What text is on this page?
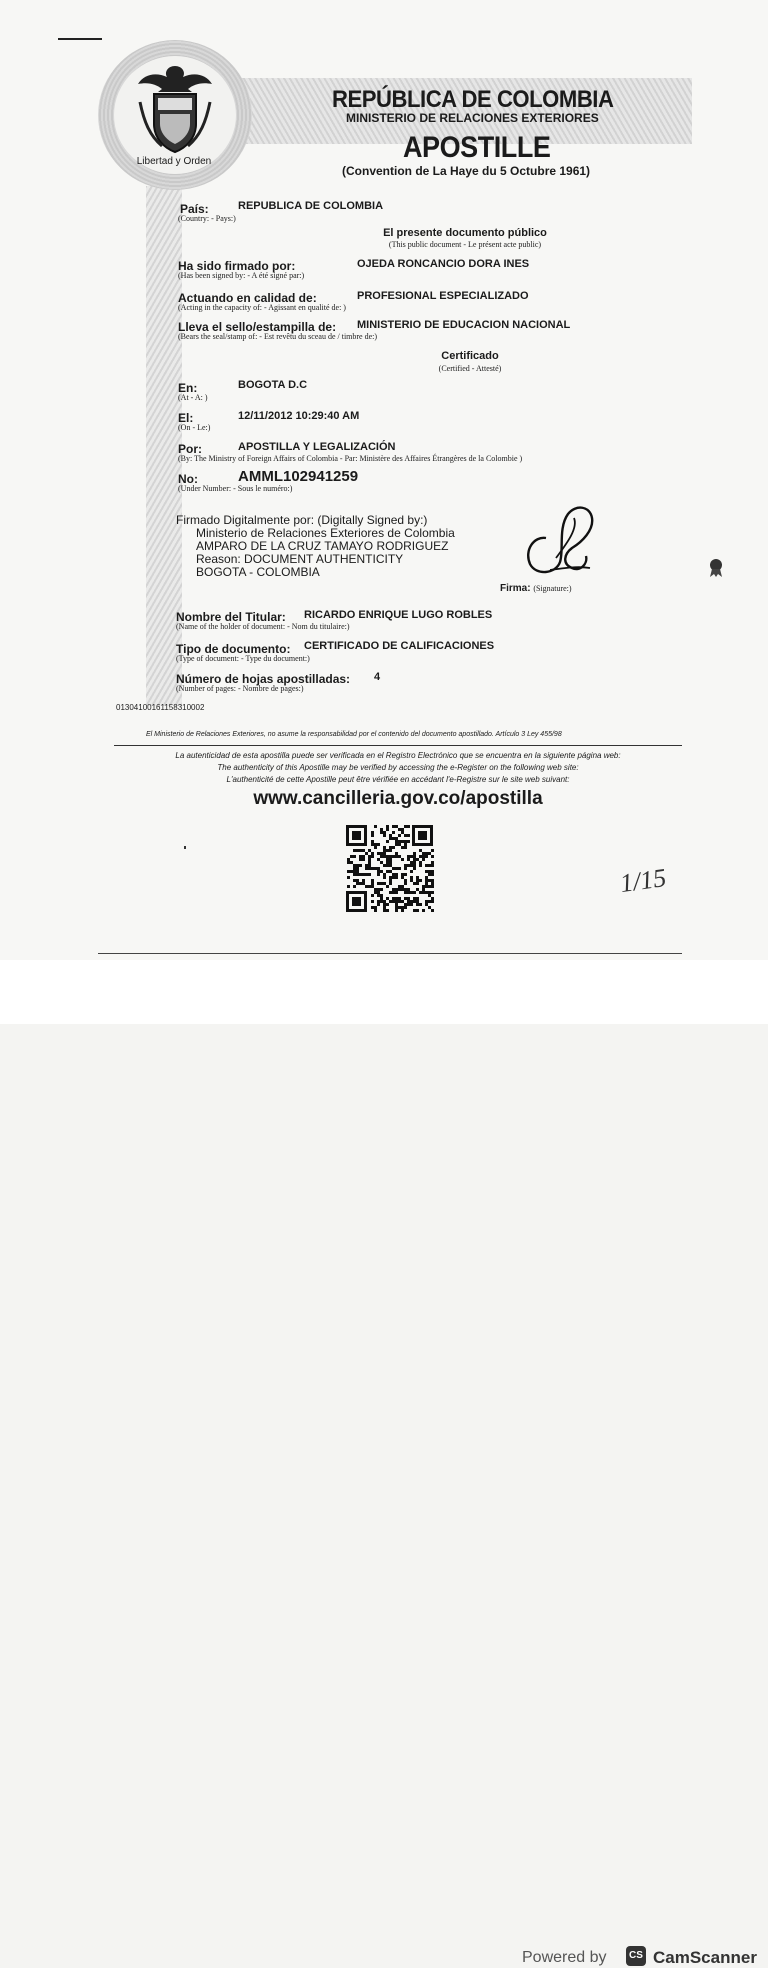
Libertad y Orden
REPÚBLICA DE COLOMBIA
MINISTERIO DE RELACIONES EXTERIORES
APOSTILLE
(Convention de La Haye du 5 Octubre 1961)
País:
(Country: - Pays:)
REPUBLICA DE COLOMBIA
El presente documento público
(This public document - Le présent acte public)
Ha sido firmado por:
(Has been signed by: - A été signé par:)
OJEDA RONCANCIO DORA INES
Actuando en calidad de:
(Acting in the capacity of: - Agissant en qualité de: )
PROFESIONAL ESPECIALIZADO
Lleva el sello/estampilla de:
(Bears the seal/stamp of: - Est revêtu du sceau de / timbre de:)
MINISTERIO DE EDUCACION NACIONAL
Certificado
(Certified - Attesté)
En:
(At - A: )
BOGOTA D.C
El:
(On - Le:)
12/11/2012 10:29:40 AM
Por:	APOSTILLA Y LEGALIZACIÓN
(By: The Ministry of Foreign Affairs of Colombia - Par: Ministère des Affaires Étrangères de la Colombie )
No:
(Under Number: - Sous le numéro:)
AMML102941259
Firmado Digitalmente por: (Digitally Signed by:)
Ministerio de Relaciones Exteriores de Colombia
AMPARO DE LA CRUZ TAMAYO RODRIGUEZ
Reason: DOCUMENT AUTHENTICITY
BOGOTA - COLOMBIA
Firma: (Signature:)
Nombre del Titular:
(Name of the holder of document: - Nom du titulaire:)
RICARDO ENRIQUE LUGO ROBLES
Tipo de documento:
(Type of document: - Type du document:)
CERTIFICADO DE CALIFICACIONES
Número de hojas apostilladas:
(Number of pages: - Nombre de pages:)
4
01304100161158310002
El Ministerio de Relaciones Exteriores, no asume la responsabilidad por el contenido del documento apostillado. Artículo 3 Ley 455/98
La autenticidad de esta apostilla puede ser verificada en el Registro Electrónico que se encuentra en la siguiente página web:
The authenticity of this Apostille may be verified by accessing the e-Register on the following web site:
L'authenticité de cette Apostille peut être vérifiée en accédant l'e-Registre sur le site web suivant:
www.cancilleria.gov.co/apostilla
1/15
Powered by	CS CamScanner
